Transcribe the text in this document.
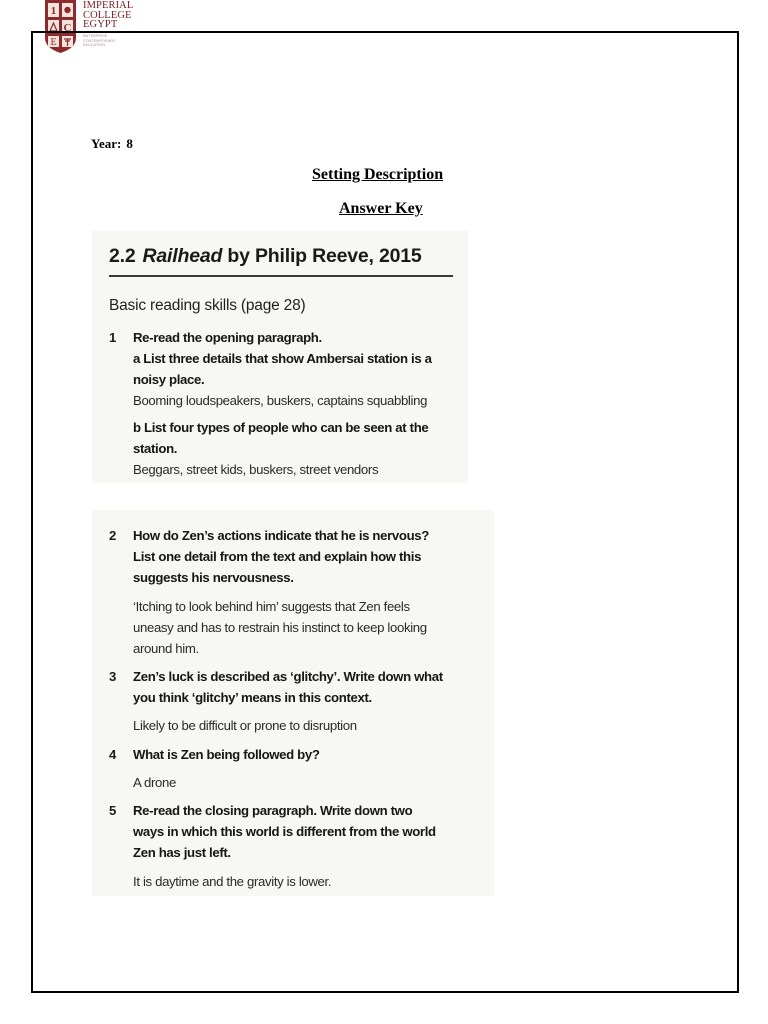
1
C
E
IMPERIAL
COLLEGE
EGYPT
ENTERPRISE
CONTEMPORARY
EDUCATION
Year: 8
Setting Description
Answer Key
2.2 Railhead by Philip Reeve, 2015
Basic reading skills (page 28)
1 Re-read the opening paragraph.
a List three details that show Ambersai station is a
noisy place.
Booming loudspeakers, buskers, captains squabbling
b List four types of people who can be seen at the
station.
Beggars, street kids, buskers, street vendors
2 How do Zen’s actions indicate that he is nervous?
List one detail from the text and explain how this
suggests his nervousness.
‘Itching to look behind him’ suggests that Zen feels
uneasy and has to restrain his instinct to keep looking
around him.
3 Zen’s luck is described as ‘glitchy’. Write down what
you think ‘glitchy’ means in this context.
Likely to be difficult or prone to disruption
4 What is Zen being followed by?
A drone
5 Re-read the closing paragraph. Write down two
ways in which this world is different from the world
Zen has just left.
It is daytime and the gravity is lower.
